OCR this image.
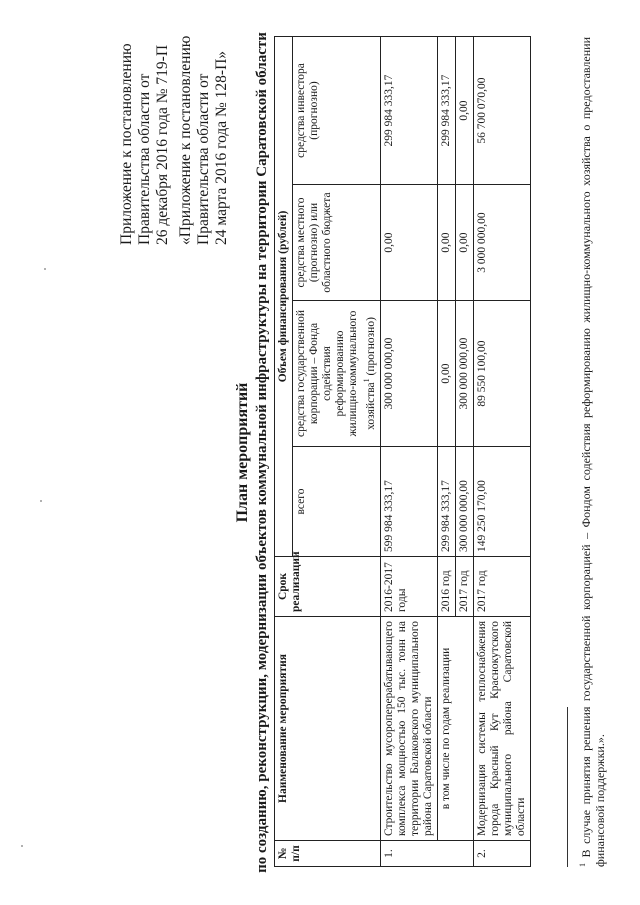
Приложение к постановлению Правительства области от 26 декабря 2016 года № 719-П «Приложение к постановлению Правительства области от 24 марта 2016 года № 128-П»
План мероприятий по созданию, реконструкции, модернизации объектов коммунальной инфраструктуры на территории Саратовской области № п/п	Наименование мероприятия	Срок реализации	Объем финансирования (рублей)			
			всего	средства государственной корпорации – Фонда содействия реформированию жилищно-коммунального хозяйства$^1$ (прогнозно)	средства местного (прогнозно) или областного бюджета	средства инвестора (прогнозно)
1.	Строительство мусороперерабатывающего комплекса мощностью 150 тыс. тонн на территории Балаковского муниципального района Саратовской области	2016-2017 годы	599 984 333,17	300 000 000,00	0,00	299 984 333,17
	в том числе по годам реализации	2016 год	299 984 333,17	0,00	0,00	299 984 333,17
		2017 год	300 000 000,00	300 000 000,00	0,00	0,00
2.	Модернизация системы теплоснабжения города Красный Кут Краснокутского муниципального района Саратовской области	2017 год	149 250 170,00	89 550 100,00	3 000 000,00	56 700 070,00
$^1$ В случае принятия решения государственной корпорацией – Фондом содействия реформированию жилищно-коммунального хозяйства о предоставлении финансовой поддержки.».
